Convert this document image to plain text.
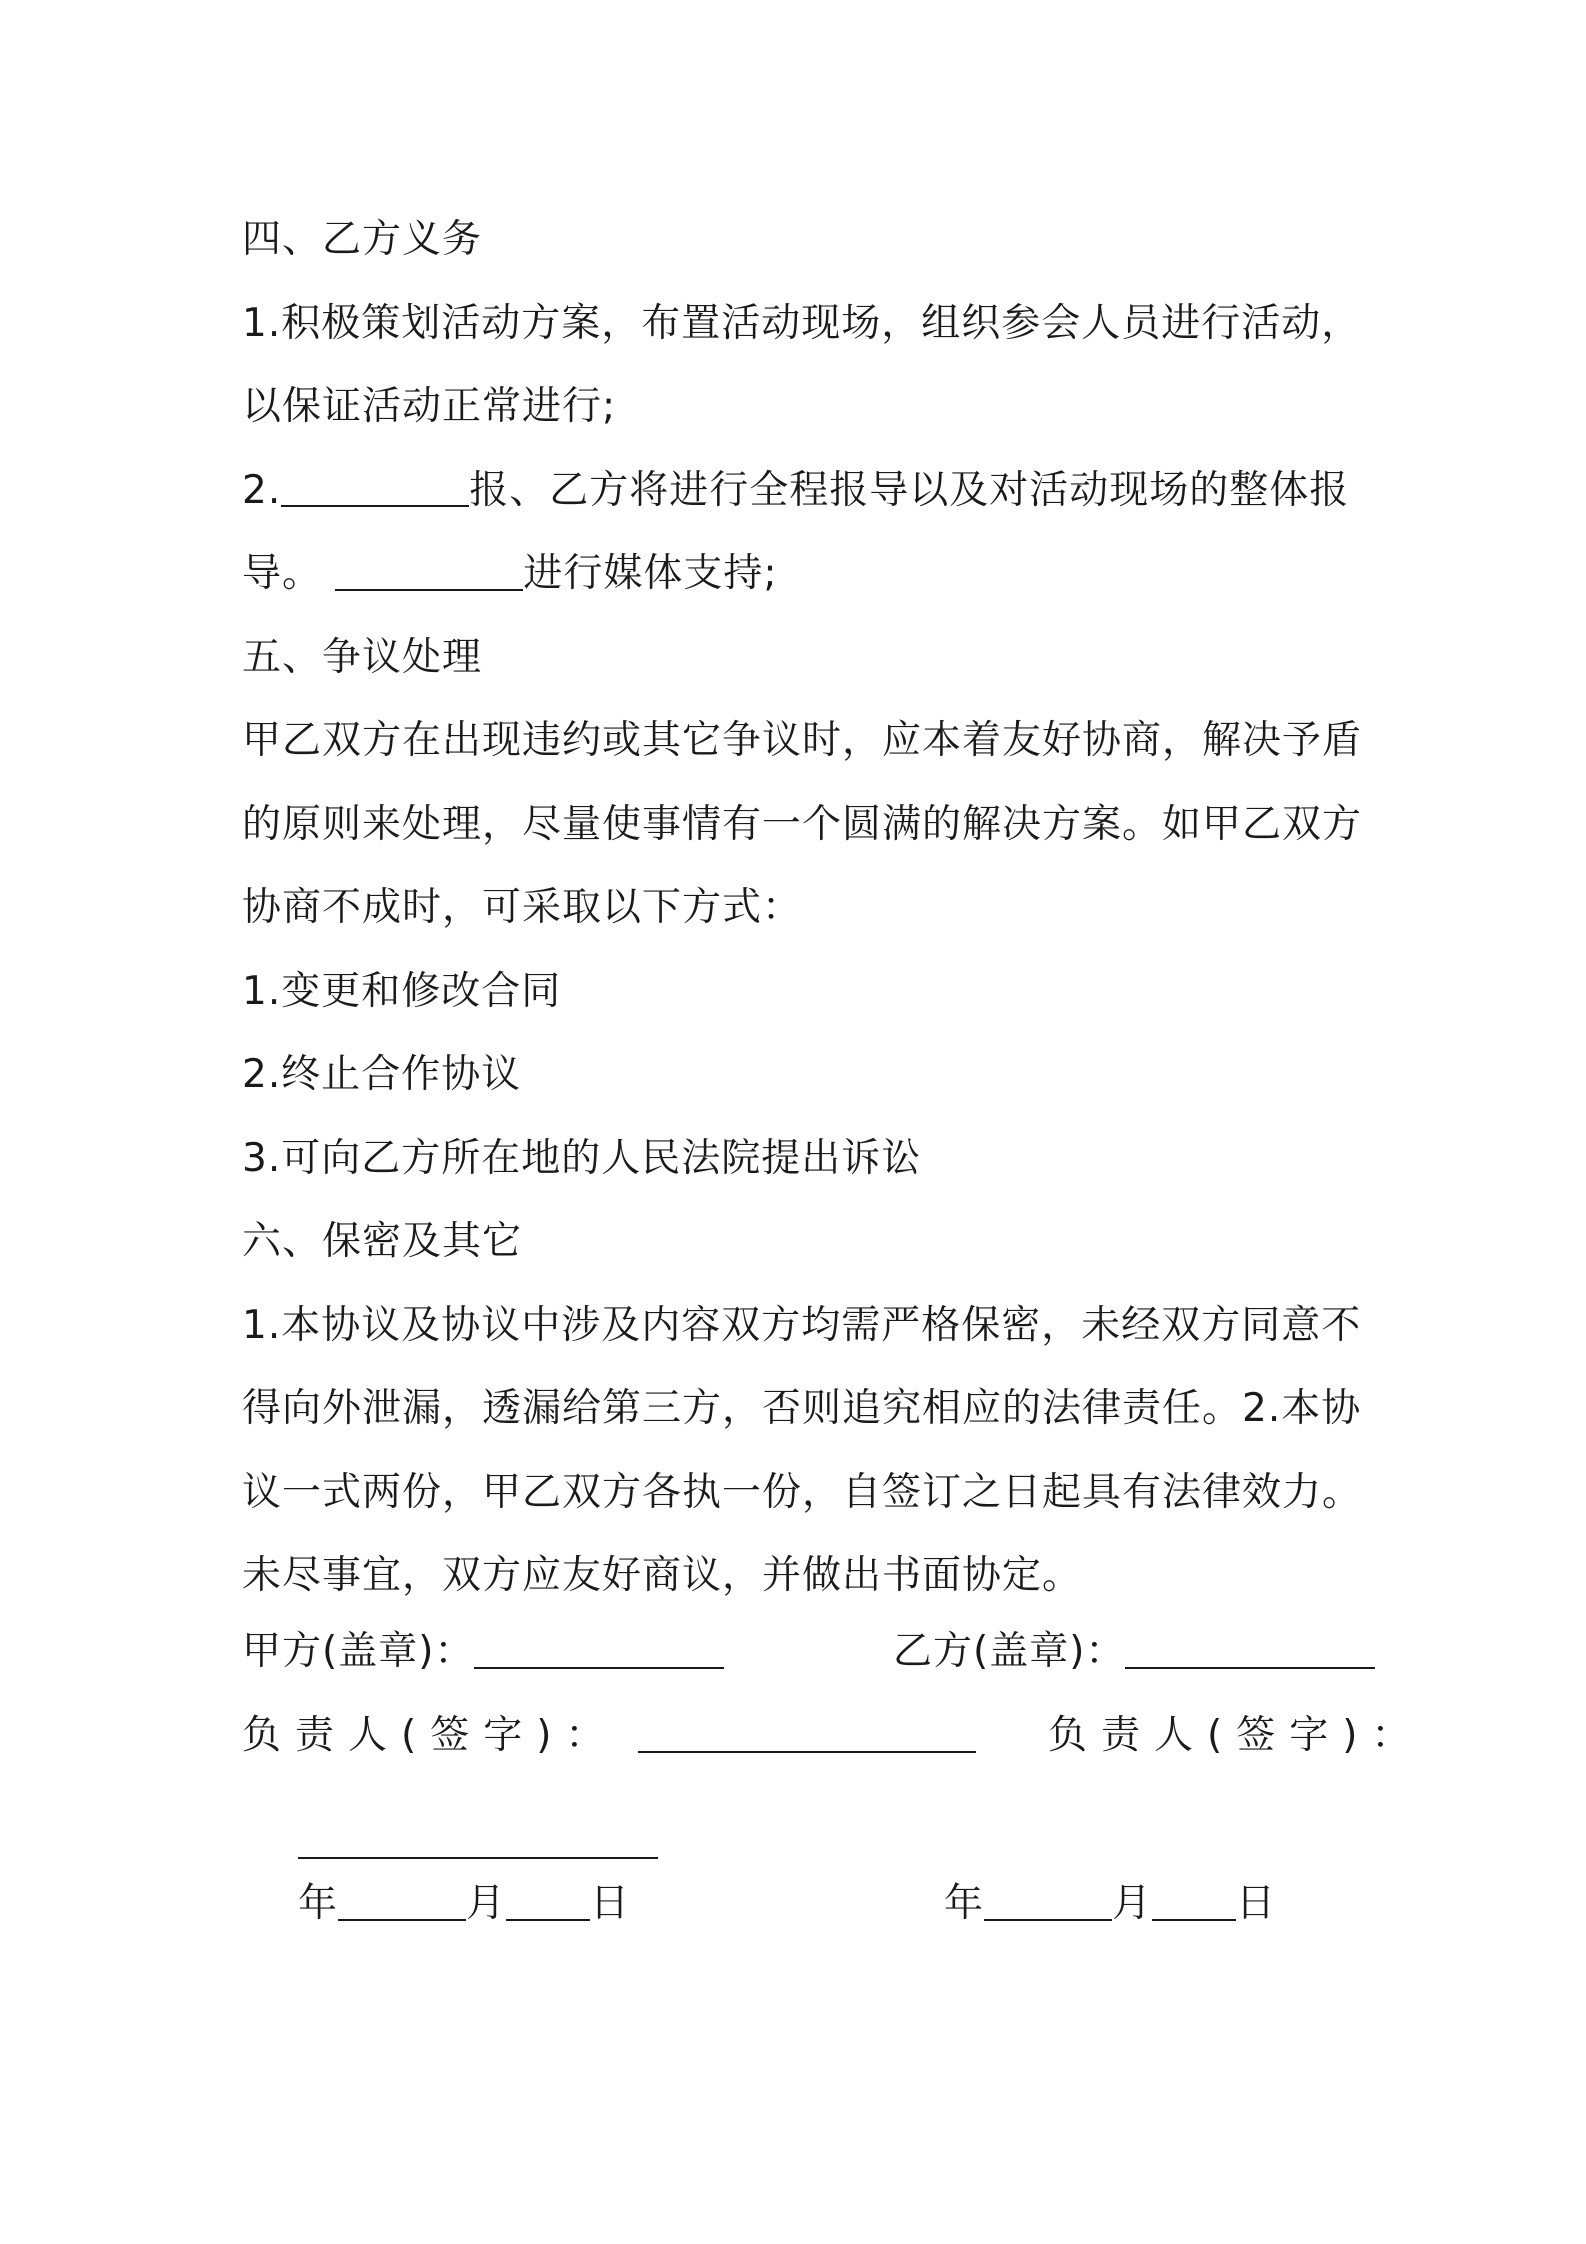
四、乙方义务

1.积极策划活动方案，布置活动现场，组织参会人员进行活动，以保证活动正常进行;

2.	报、乙方将进行全程报导以及对活动现场的整体报导。	进行媒体支持;

五、争议处理

甲乙双方在出现违约或其它争议时，应本着友好协商，解决予盾的原则来处理，尽量使事情有一个圆满的解决方案。如甲乙双方协商不成时，可采取以下方式：

1.变更和修改合同

2.终止合作协议

3.可向乙方所在地的人民法院提出诉讼

六、保密及其它

1.本协议及协议中涉及内容双方均需严格保密，未经双方同意不得向外泄漏，透漏给第三方，否则追究相应的法律责任。2.本协议一式两份，甲乙双方各执一份，自签订之日起具有法律效力。未尽事宜，双方应友好商议，并做出书面协定。

甲方(盖章)：	乙方(盖章)：
负责人(签字)：	负责人(签字)：
年	月 日	年	月 日
